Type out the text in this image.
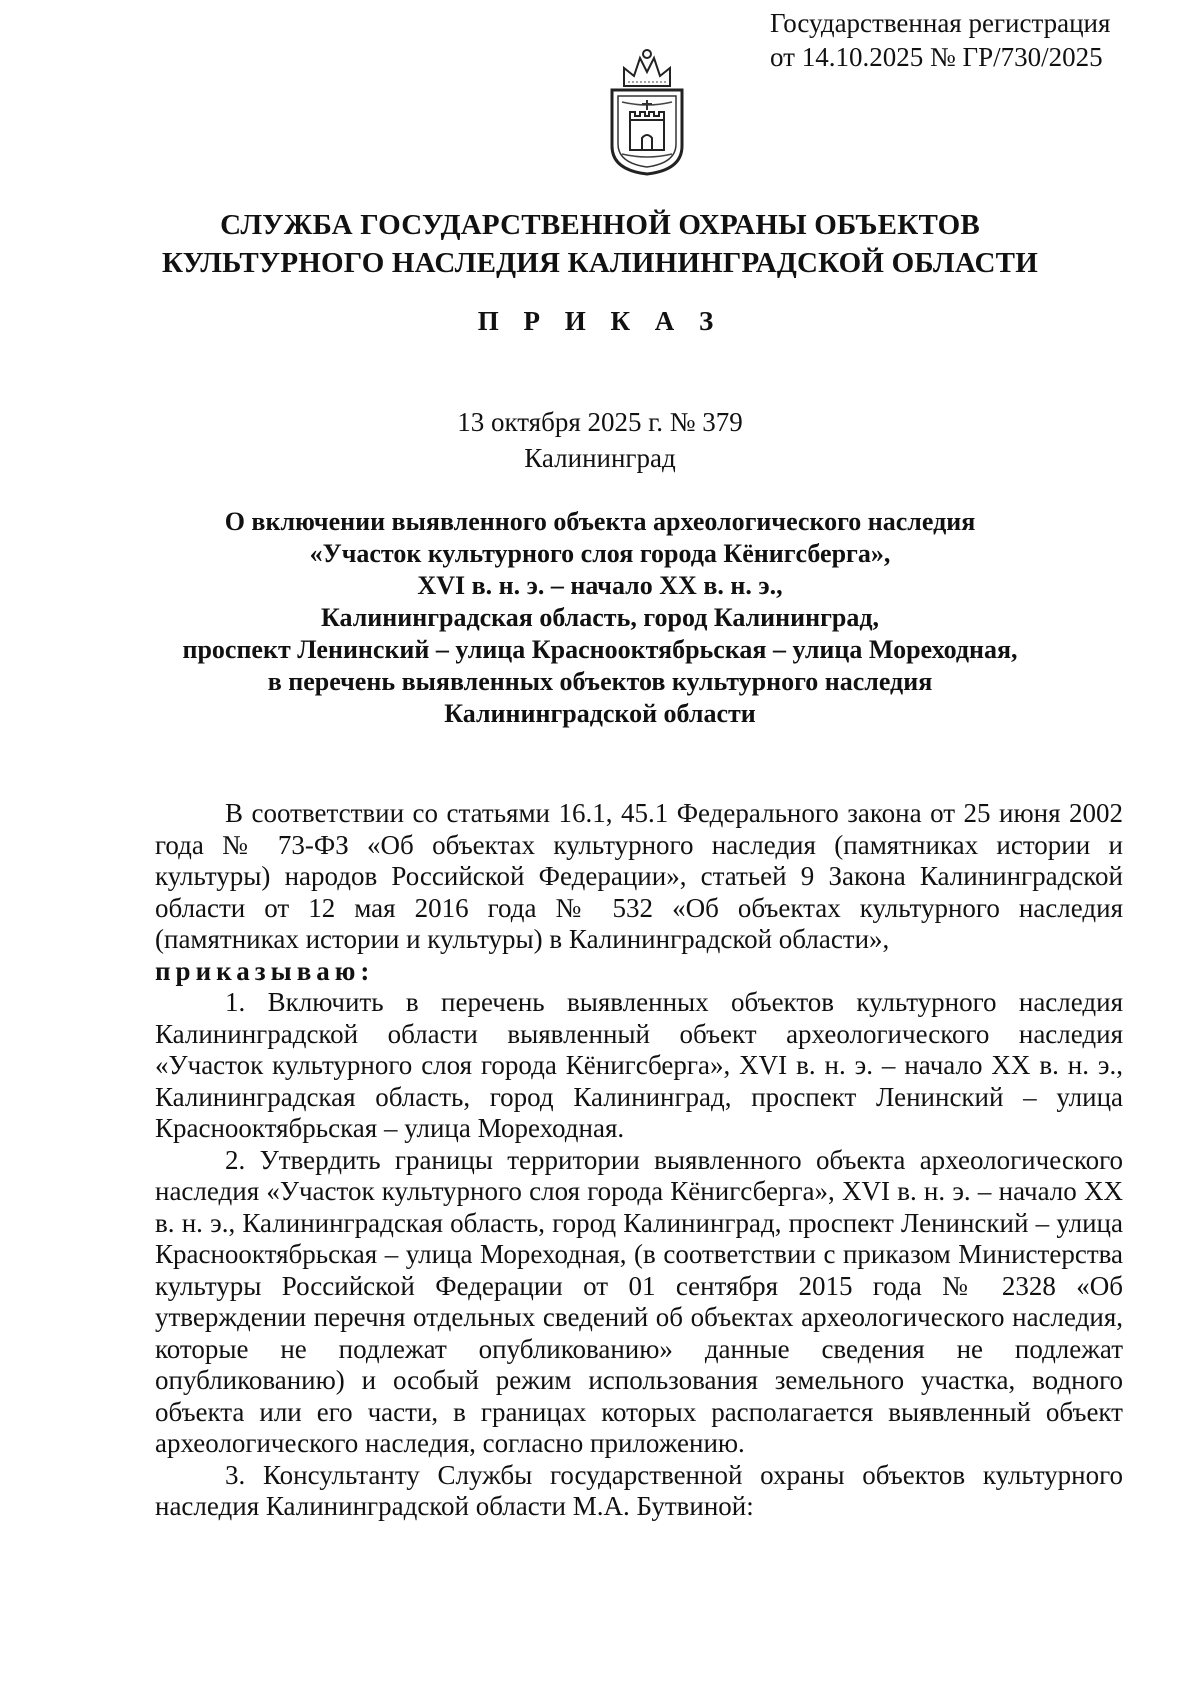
Государственная регистрация
от 14.10.2025 № ГР/730/2025
СЛУЖБА ГОСУДАРСТВЕННОЙ ОХРАНЫ ОБЪЕКТОВ
КУЛЬТУРНОГО НАСЛЕДИЯ КАЛИНИНГРАДСКОЙ ОБЛАСТИ
П Р И К А З
13 октября 2025 г. № 379
Калининград
О включении выявленного объекта археологического наследия
«Участок культурного слоя города Кёнигсберга»,
XVI в. н. э. – начало XX в. н. э.,
Калининградская область, город Калининград,
проспект Ленинский – улица Краснооктябрьская – улица Мореходная,
в перечень выявленных объектов культурного наследия
Калининградской области

В соответствии со статьями 16.1, 45.1 Федерального закона от 25 июня 2002 года № 73-ФЗ «Об объектах культурного наследия (памятниках истории и культуры) народов Российской Федерации», статьей 9 Закона Калининградской области от 12 мая 2016 года № 532 «Об объектах культурного наследия (памятниках истории и культуры) в Калининградской области»,

приказываю:

1. Включить в перечень выявленных объектов культурного наследия Калининградской области выявленный объект археологического наследия «Участок культурного слоя города Кёнигсберга», XVI в. н. э. – начало XX в. н. э., Калининградская область, город Калининград, проспект Ленинский – улица Краснооктябрьская – улица Мореходная.

2. Утвердить границы территории выявленного объекта археологического наследия «Участок культурного слоя города Кёнигсберга», XVI в. н. э. – начало XX в. н. э., Калининградская область, город Калининград, проспект Ленинский – улица Краснооктябрьская – улица Мореходная, (в соответствии с приказом Министерства культуры Российской Федерации от 01 сентября 2015 года № 2328 «Об утверждении перечня отдельных сведений об объектах археологического наследия, которые не подлежат опубликованию» данные сведения не подлежат опубликованию) и особый режим использования земельного участка, водного объекта или его части, в границах которых располагается выявленный объект археологического наследия, согласно приложению.

3. Консультанту Службы государственной охраны объектов культурного наследия Калининградской области М.А. Бутвиной:
